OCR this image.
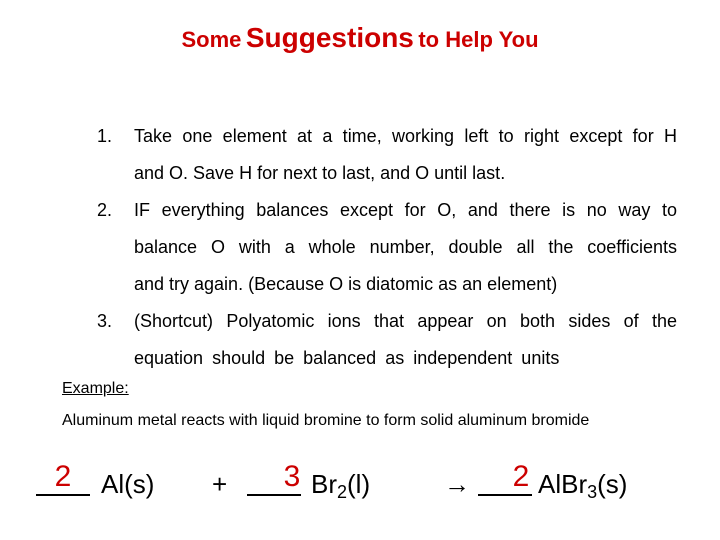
Some Suggestions to Help You
1. Take one element at a time, working left to right except for H
and O. Save H for next to last, and O until last.
2. IF everything balances except for O, and there is no way to
balance O with a whole number, double all the coefficients
and try again. (Because O is diatomic as an element)
3. (Shortcut) Polyatomic ions that appear on both sides of the
equation should be balanced as independent units
Example:
Aluminum metal reacts with liquid bromine to form solid aluminum bromide
2	Al(s) +	3 $Br_2(l)$	→	2 AlBr$_3$(s)
